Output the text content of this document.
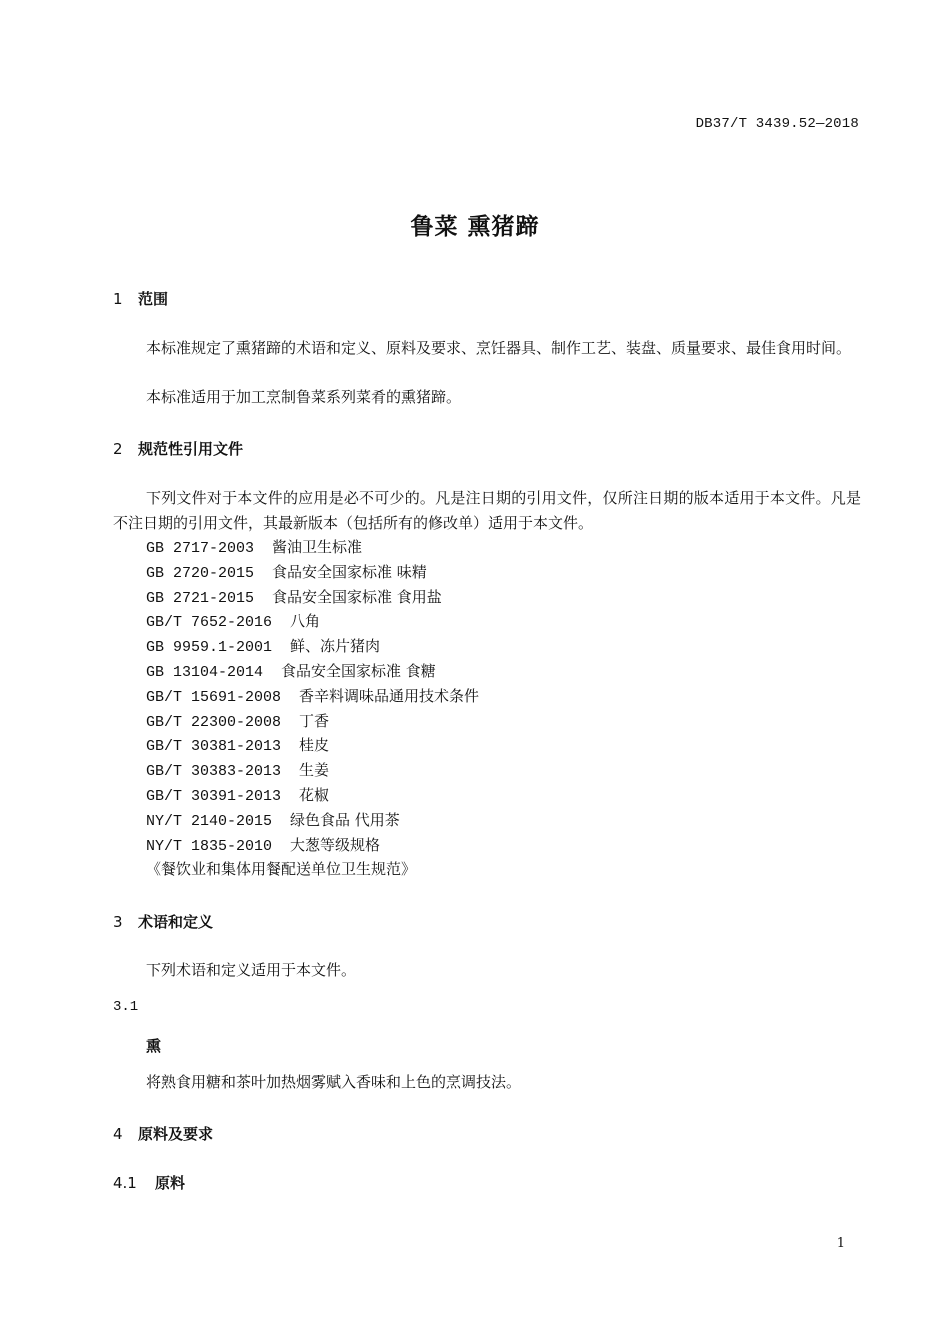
DB37/T 3439.52—2018
鲁菜 熏猪蹄
1 范围
本标准规定了熏猪蹄的术语和定义、原料及要求、烹饪器具、制作工艺、装盘、质量要求、最佳食用时间。
本标准适用于加工烹制鲁菜系列菜肴的熏猪蹄。
2 规范性引用文件
下列文件对于本文件的应用是必不可少的。凡是注日期的引用文件，仅所注日期的版本适用于本文件。凡是不注日期的引用文件，其最新版本（包括所有的修改单）适用于本文件。
GB 2717-2003 酱油卫生标准
GB 2720-2015 食品安全国家标准 味精
GB 2721-2015 食品安全国家标准 食用盐
GB/T 7652-2016 八角
GB 9959.1-2001 鲜、冻片猪肉
GB 13104-2014 食品安全国家标准 食糖
GB/T 15691-2008 香辛料调味品通用技术条件
GB/T 22300-2008 丁香
GB/T 30381-2013 桂皮
GB/T 30383-2013 生姜
GB/T 30391-2013 花椒
NY/T 2140-2015 绿色食品 代用茶
NY/T 1835-2010 大葱等级规格
《餐饮业和集体用餐配送单位卫生规范》
3 术语和定义
下列术语和定义适用于本文件。
3.1
熏
将熟食用糖和茶叶加热烟雾赋入香味和上色的烹调技法。
4 原料及要求
4.1 原料
1
